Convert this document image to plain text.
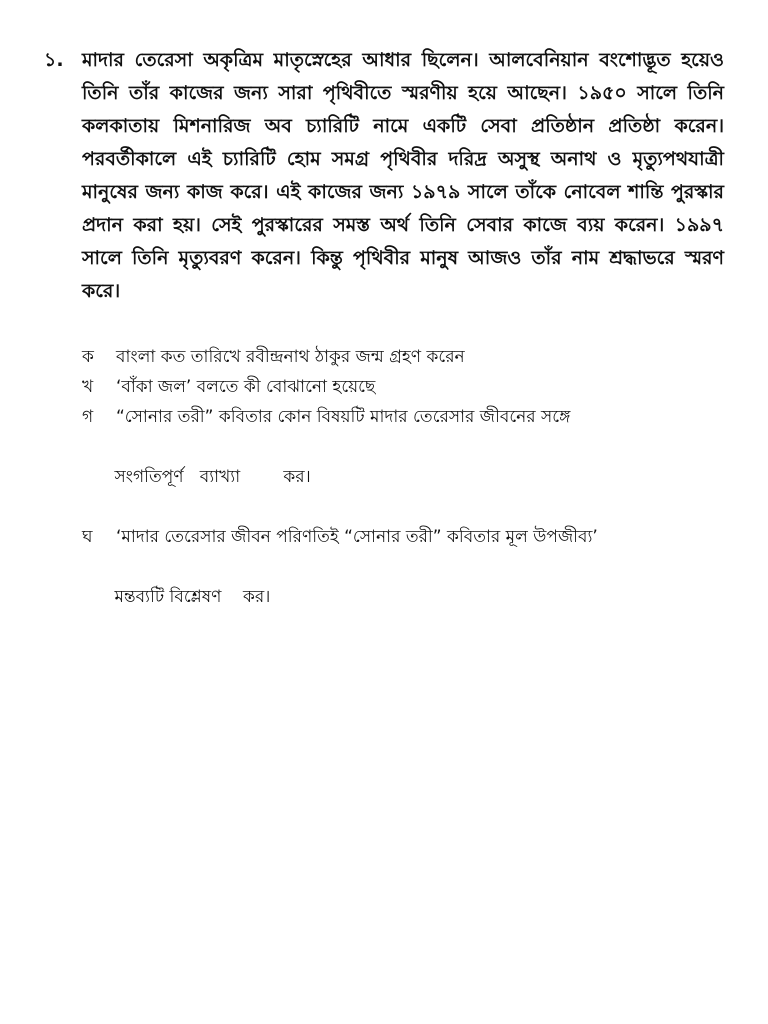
১. মাদার তেরেসা অকৃত্রিম মাতৃস্নেহের আধার ছিলেন। আলবেনিয়ান বংশোদ্ভূত হয়েও তিনি তাঁর কাজের জন্য সারা পৃথিবীতে স্মরণীয় হয়ে আছেন। ১৯৫০ সালে তিনি কলকাতায় মিশনারিজ অব চ্যারিটি নামে একটি সেবা প্রতিষ্ঠান প্রতিষ্ঠা করেন। পরবর্তীকালে এই চ্যারিটি হোম সমগ্র পৃথিবীর দরিদ্র অসুস্থ অনাথ ও মৃত্যুপথযাত্রী মানুষের জন্য কাজ করে। এই কাজের জন্য ১৯৭৯ সালে তাঁকে নোবেল শান্তি পুরস্কার প্রদান করা হয়। সেই পুরস্কারের সমস্ত অর্থ তিনি সেবার কাজে ব্যয় করেন। ১৯৯৭ সালে তিনি মৃত্যুবরণ করেন। কিন্তু পৃথিবীর মানুষ আজও তাঁর নাম শ্রদ্ধাভরে স্মরণ করে।
ক বাংলা কত তারিখে রবীন্দ্রনাথ ঠাকুর জন্ম গ্রহণ করেন
খ ‘বাঁকা জল’ বলতে কী বোঝানো হয়েছে
গ “সোনার তরী” কবিতার কোন বিষয়টি মাদার তেরেসার জীবনের সঙ্গে

সংগতিপূর্ণ   ব্যাখ্যা        কর।

ঘ ‘মাদার তেরেসার জীবন পরিণতিই “সোনার তরী” কবিতার মূল উপজীব্য’

মন্তব্যটি বিশ্লেষণ    কর।
